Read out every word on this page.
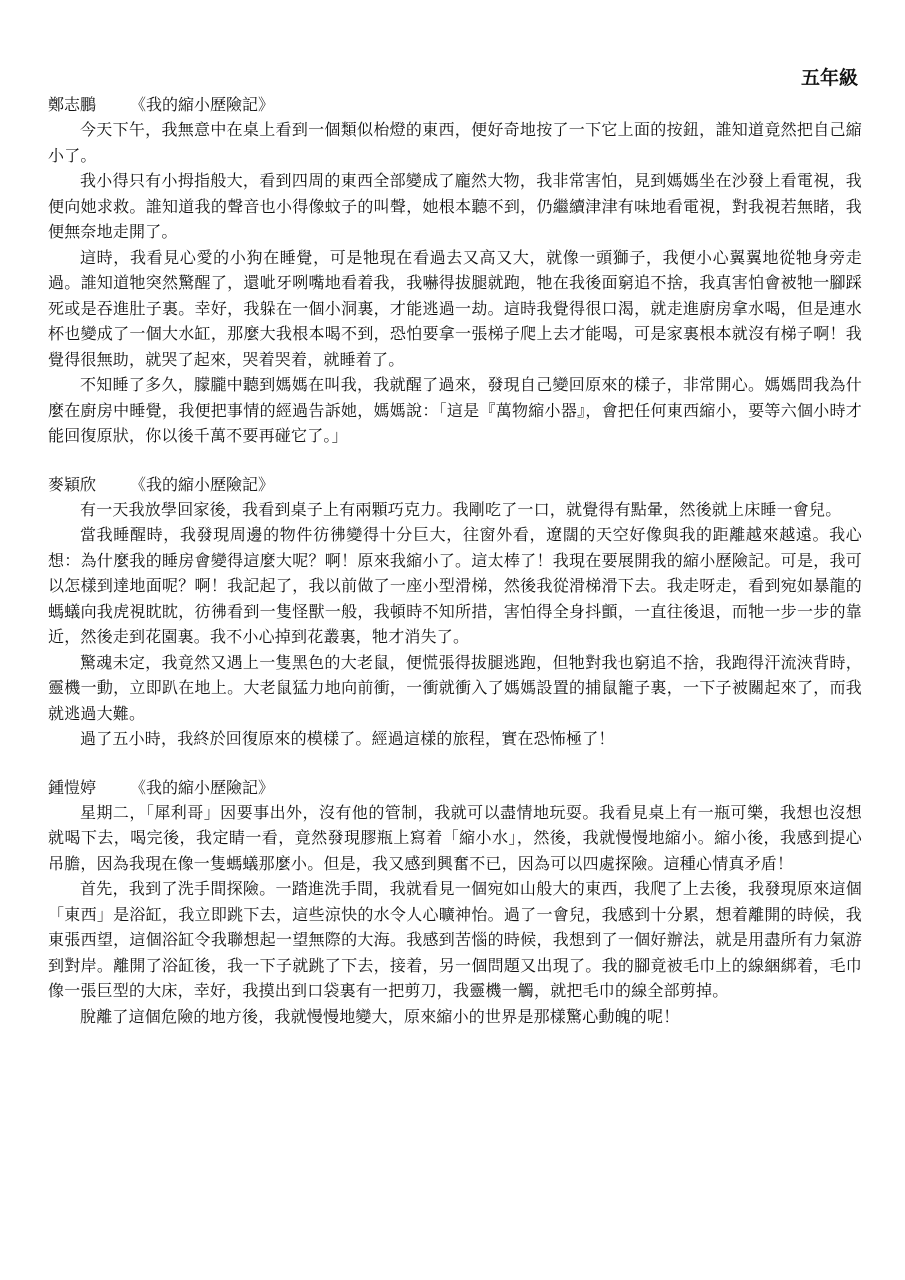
五年級

鄭志鵬 《我的縮小歷險記》

今天下午，我無意中在桌上看到一個類似枱燈的東西，便好奇地按了一下它上面的按鈕，誰知道竟然把自己縮小了。

我小得只有小拇指般大，看到四周的東西全部變成了龐然大物，我非常害怕，見到媽媽坐在沙發上看電視，我便向她求救。誰知道我的聲音也小得像蚊子的叫聲，她根本聽不到，仍繼續津津有味地看電視，對我視若無睹，我便無奈地走開了。

這時，我看見心愛的小狗在睡覺，可是牠現在看過去又高又大，就像一頭獅子，我便小心翼翼地從牠身旁走過。誰知道牠突然驚醒了，還呲牙咧嘴地看着我，我嚇得拔腿就跑，牠在我後面窮追不捨，我真害怕會被牠一腳踩死或是吞進肚子裏。幸好，我躲在一個小洞裏，才能逃過一劫。這時我覺得很口渴，就走進廚房拿水喝，但是連水杯也變成了一個大水缸，那麼大我根本喝不到，恐怕要拿一張梯子爬上去才能喝，可是家裏根本就沒有梯子啊！我覺得很無助，就哭了起來，哭着哭着，就睡着了。

不知睡了多久，朦朧中聽到媽媽在叫我，我就醒了過來，發現自己變回原來的樣子，非常開心。媽媽問我為什麼在廚房中睡覺，我便把事情的經過告訴她，媽媽說：「這是『萬物縮小器』，會把任何東西縮小，要等六個小時才能回復原狀，你以後千萬不要再碰它了。」

麥穎欣 《我的縮小歷險記》

有一天我放學回家後，我看到桌子上有兩顆巧克力。我剛吃了一口，就覺得有點暈，然後就上床睡一會兒。

當我睡醒時，我發現周邊的物件彷彿變得十分巨大，往窗外看，遼闊的天空好像與我的距離越來越遠。我心想：為什麼我的睡房會變得這麼大呢？啊！原來我縮小了。這太棒了！我現在要展開我的縮小歷險記。可是，我可以怎樣到達地面呢？啊！我記起了，我以前做了一座小型滑梯，然後我從滑梯滑下去。我走呀走，看到宛如暴龍的螞蟻向我虎視眈眈，彷彿看到一隻怪獸一般，我頓時不知所措，害怕得全身抖顫，一直往後退，而牠一步一步的靠近，然後走到花園裏。我不小心掉到花叢裏，牠才消失了。

驚魂未定，我竟然又遇上一隻黑色的大老鼠，便慌張得拔腿逃跑，但牠對我也窮追不捨，我跑得汗流浹背時，靈機一動，立即趴在地上。大老鼠猛力地向前衝，一衝就衝入了媽媽設置的捕鼠籠子裏，一下子被關起來了，而我就逃過大難。

過了五小時，我終於回復原來的模樣了。經過這樣的旅程，實在恐怖極了！

鍾愷婷 《我的縮小歷險記》

星期二，「犀利哥」因要事出外，沒有他的管制，我就可以盡情地玩耍。我看見桌上有一瓶可樂，我想也沒想就喝下去，喝完後，我定睛一看，竟然發現膠瓶上寫着「縮小水」，然後，我就慢慢地縮小。縮小後，我感到提心吊膽，因為我現在像一隻螞蟻那麼小。但是，我又感到興奮不已，因為可以四處探險。這種心情真矛盾！

首先，我到了洗手間探險。一踏進洗手間，我就看見一個宛如山般大的東西，我爬了上去後，我發現原來這個「東西」是浴缸，我立即跳下去，這些涼快的水令人心曠神怡。過了一會兒，我感到十分累，想着離開的時候，我東張西望，這個浴缸令我聯想起一望無際的大海。我感到苦惱的時候，我想到了一個好辦法，就是用盡所有力氣游到對岸。離開了浴缸後，我一下子就跳了下去，接着，另一個問題又出現了。我的腳竟被毛巾上的線綑綁着，毛巾像一張巨型的大床，幸好，我摸出到口袋裏有一把剪刀，我靈機一觸，就把毛巾的線全部剪掉。

脫離了這個危險的地方後，我就慢慢地變大，原來縮小的世界是那樣驚心動魄的呢！
